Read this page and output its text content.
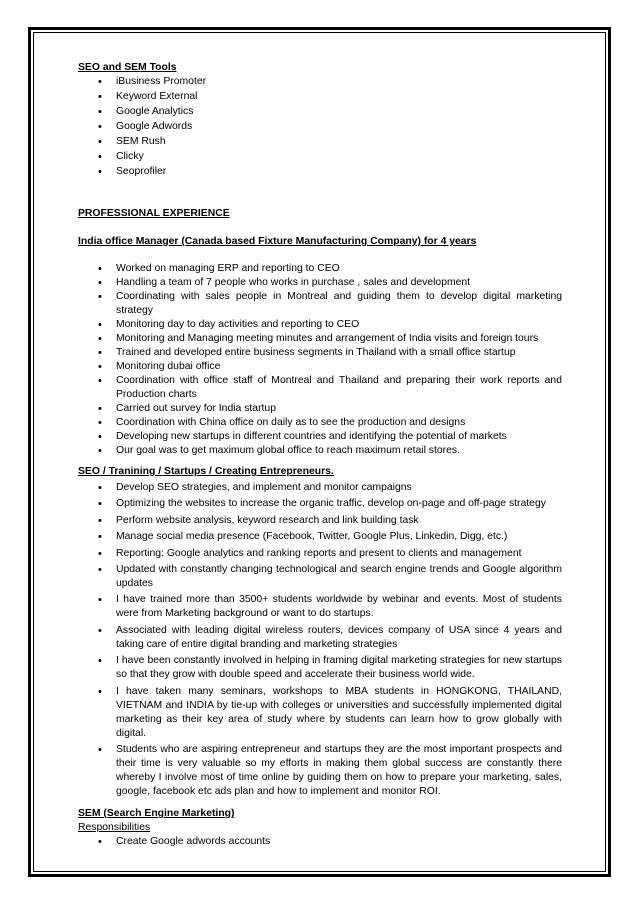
SEO and SEM Tools

• iBusiness Promoter
• Keyword External
• Google Analytics
• Google Adwords
• SEM Rush
• Clicky
• Seoprofiler

PROFESSIONAL EXPERIENCE

India office Manager (Canada based Fixture Manufacturing Company) for 4 years

• Worked on managing ERP and reporting to CEO
• Handling a team of 7 people who works in purchase , sales and development
• Coordinating with sales people in Montreal and guiding them to develop digital marketing strategy
• Monitoring day to day activities and reporting to CEO
• Monitoring and Managing meeting minutes and arrangement of India visits and foreign tours
• Trained and developed entire business segments in Thailand with a small office startup
• Monitoring dubai office
• Coordination with office staff of Montreal and Thailand and preparing their work reports and Production charts
• Carried out survey for India startup
• Coordination with China office on daily as to see the production and designs
• Developing new startups in different countries and identifying the potential of markets
• Our goal was to get maximum global office to reach maximum retail stores.

SEO / Tranining / Startups / Creating Entrepreneurs.

• Develop SEO strategies, and implement and monitor campaigns
• Optimizing the websites to increase the organic traffic, develop on-page and off-page strategy
• Perform website analysis, keyword research and link building task
• Manage social media presence (Facebook, Twitter, Google Plus, Linkedin, Digg, etc.)
• Reporting: Google analytics and ranking reports and present to clients and management
• Updated with constantly changing technological and search engine trends and Google algorithm updates
• I have trained more than 3500+ students worldwide by webinar and events. Most of students were from Marketing background or want to do startups.
• Associated with leading digital wireless routers, devices company of USA since 4 years and taking care of entire digital branding and marketing strategies
• I have been constantly involved in helping in framing digital marketing strategies for new startups so that they grow with double speed and accelerate their business world wide.
• I have taken many seminars, workshops to MBA students in HONGKONG, THAILAND, VIETNAM and INDIA by tie-up with colleges or universities and successfully implemented digital marketing as their key area of study where by students can learn how to grow globally with digital.
• Students who are aspiring entrepreneur and startups they are the most important prospects and their time is very valuable so my efforts in making them global success are constantly there whereby I involve most of time online by guiding them on how to prepare your marketing, sales, google, facebook etc ads plan and how to implement and monitor ROI.

SEM (Search Engine Marketing)

Responsibilities

• Create Google adwords accounts
